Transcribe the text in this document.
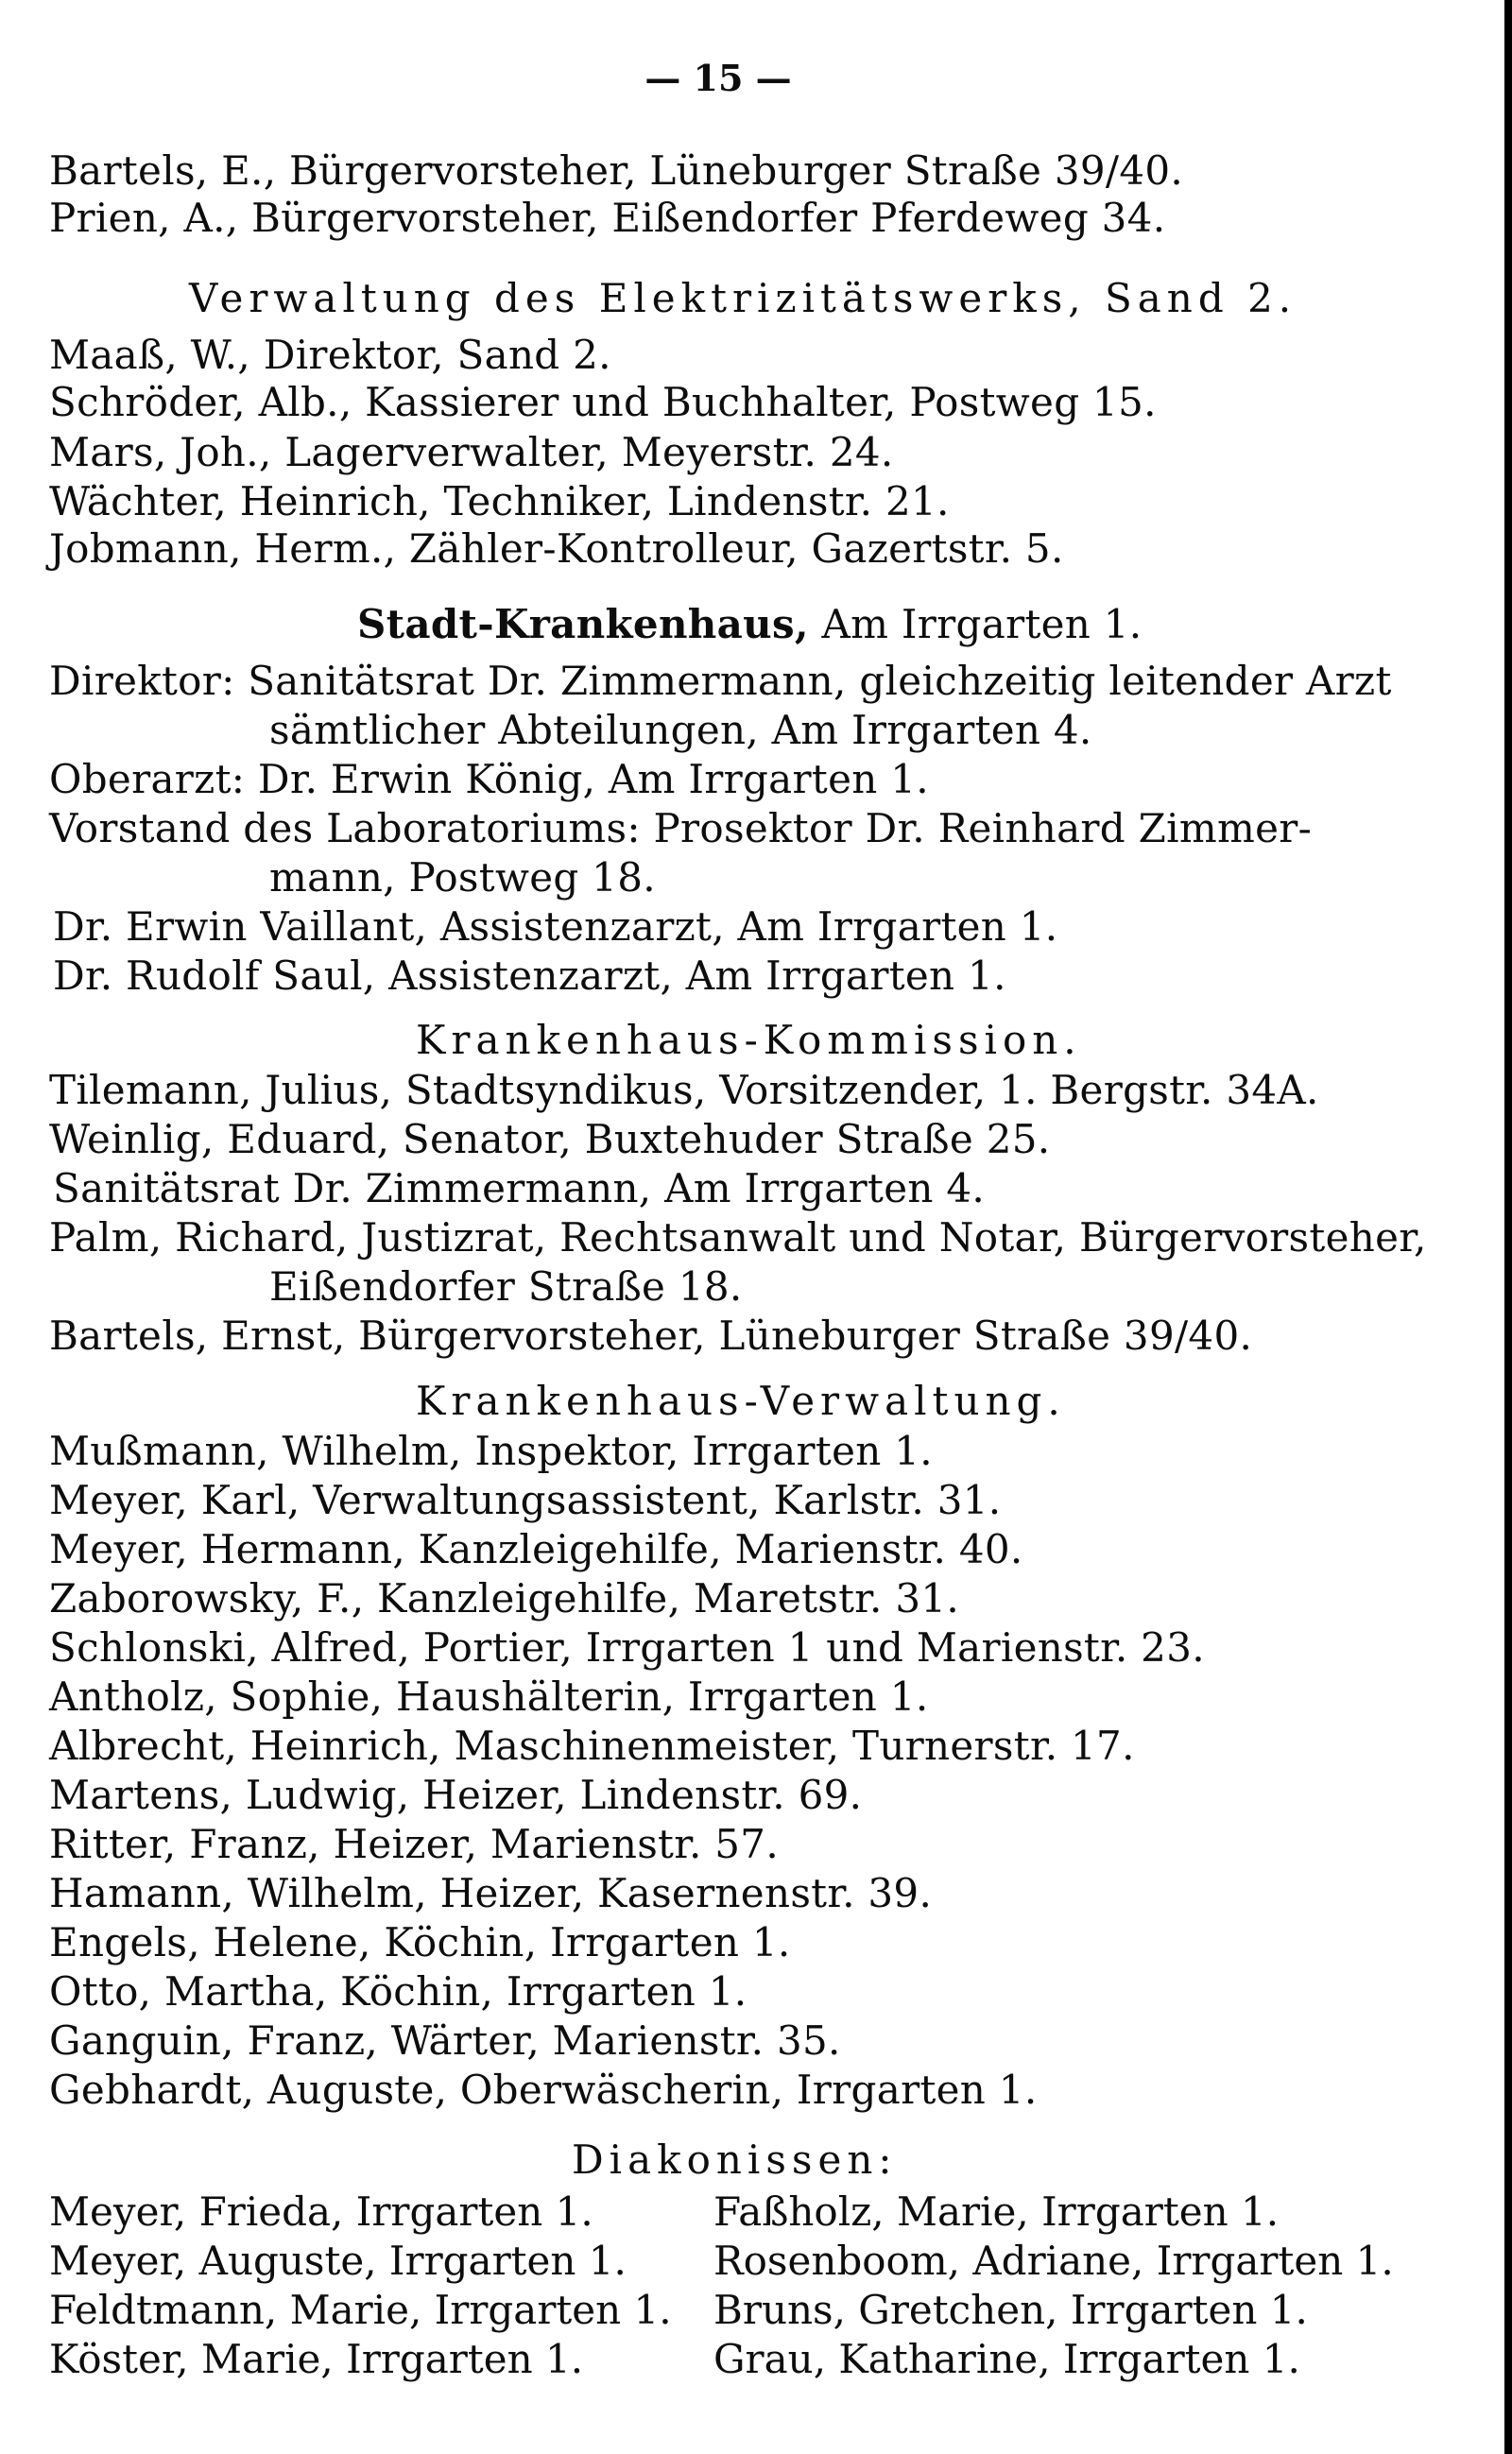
— 15 —
Bartels, E., Bürgervorsteher, Lüneburger Straße 39/40.
Prien, A., Bürgervorsteher, Eißendorfer Pferdeweg 34.
Verwaltung des Elektrizitätswerks, Sand 2.
Maaß, W., Direktor, Sand 2.
Schröder, Alb., Kassierer und Buchhalter, Postweg 15.
Mars, Joh., Lagerverwalter, Meyerstr. 24.
Wächter, Heinrich, Techniker, Lindenstr. 21.
Jobmann, Herm., Zähler-Kontrolleur, Gazertstr. 5.
Stadt-Krankenhaus, Am Irrgarten 1.
Direktor: Sanitätsrat Dr. Zimmermann, gleichzeitig leitender Arzt
sämtlicher Abteilungen, Am Irrgarten 4.
Oberarzt: Dr. Erwin König, Am Irrgarten 1.
Vorstand des Laboratoriums: Prosektor Dr. Reinhard Zimmer-
mann, Postweg 18.
Dr. Erwin Vaillant, Assistenzarzt, Am Irrgarten 1.
Dr. Rudolf Saul, Assistenzarzt, Am Irrgarten 1.
Krankenhaus-Kommission.
Tilemann, Julius, Stadtsyndikus, Vorsitzender, 1. Bergstr. 34A.
Weinlig, Eduard, Senator, Buxtehuder Straße 25.
Sanitätsrat Dr. Zimmermann, Am Irrgarten 4.
Palm, Richard, Justizrat, Rechtsanwalt und Notar, Bürgervorsteher,
Eißendorfer Straße 18.
Bartels, Ernst, Bürgervorsteher, Lüneburger Straße 39/40.
Krankenhaus-Verwaltung.
Mußmann, Wilhelm, Inspektor, Irrgarten 1.
Meyer, Karl, Verwaltungsassistent, Karlstr. 31.
Meyer, Hermann, Kanzleigehilfe, Marienstr. 40.
Zaborowsky, F., Kanzleigehilfe, Maretstr. 31.
Schlonski, Alfred, Portier, Irrgarten 1 und Marienstr. 23.
Antholz, Sophie, Haushälterin, Irrgarten 1.
Albrecht, Heinrich, Maschinenmeister, Turnerstr. 17.
Martens, Ludwig, Heizer, Lindenstr. 69.
Ritter, Franz, Heizer, Marienstr. 57.
Hamann, Wilhelm, Heizer, Kasernenstr. 39.
Engels, Helene, Köchin, Irrgarten 1.
Otto, Martha, Köchin, Irrgarten 1.
Ganguin, Franz, Wärter, Marienstr. 35.
Gebhardt, Auguste, Oberwäscherin, Irrgarten 1.
Diakonissen:
Meyer, Frieda, Irrgarten 1.
Meyer, Auguste, Irrgarten 1.
Feldtmann, Marie, Irrgarten 1.
Köster, Marie, Irrgarten 1.
Faßholz, Marie, Irrgarten 1.
Rosenboom, Adriane, Irrgarten 1.
Bruns, Gretchen, Irrgarten 1.
Grau, Katharine, Irrgarten 1.
